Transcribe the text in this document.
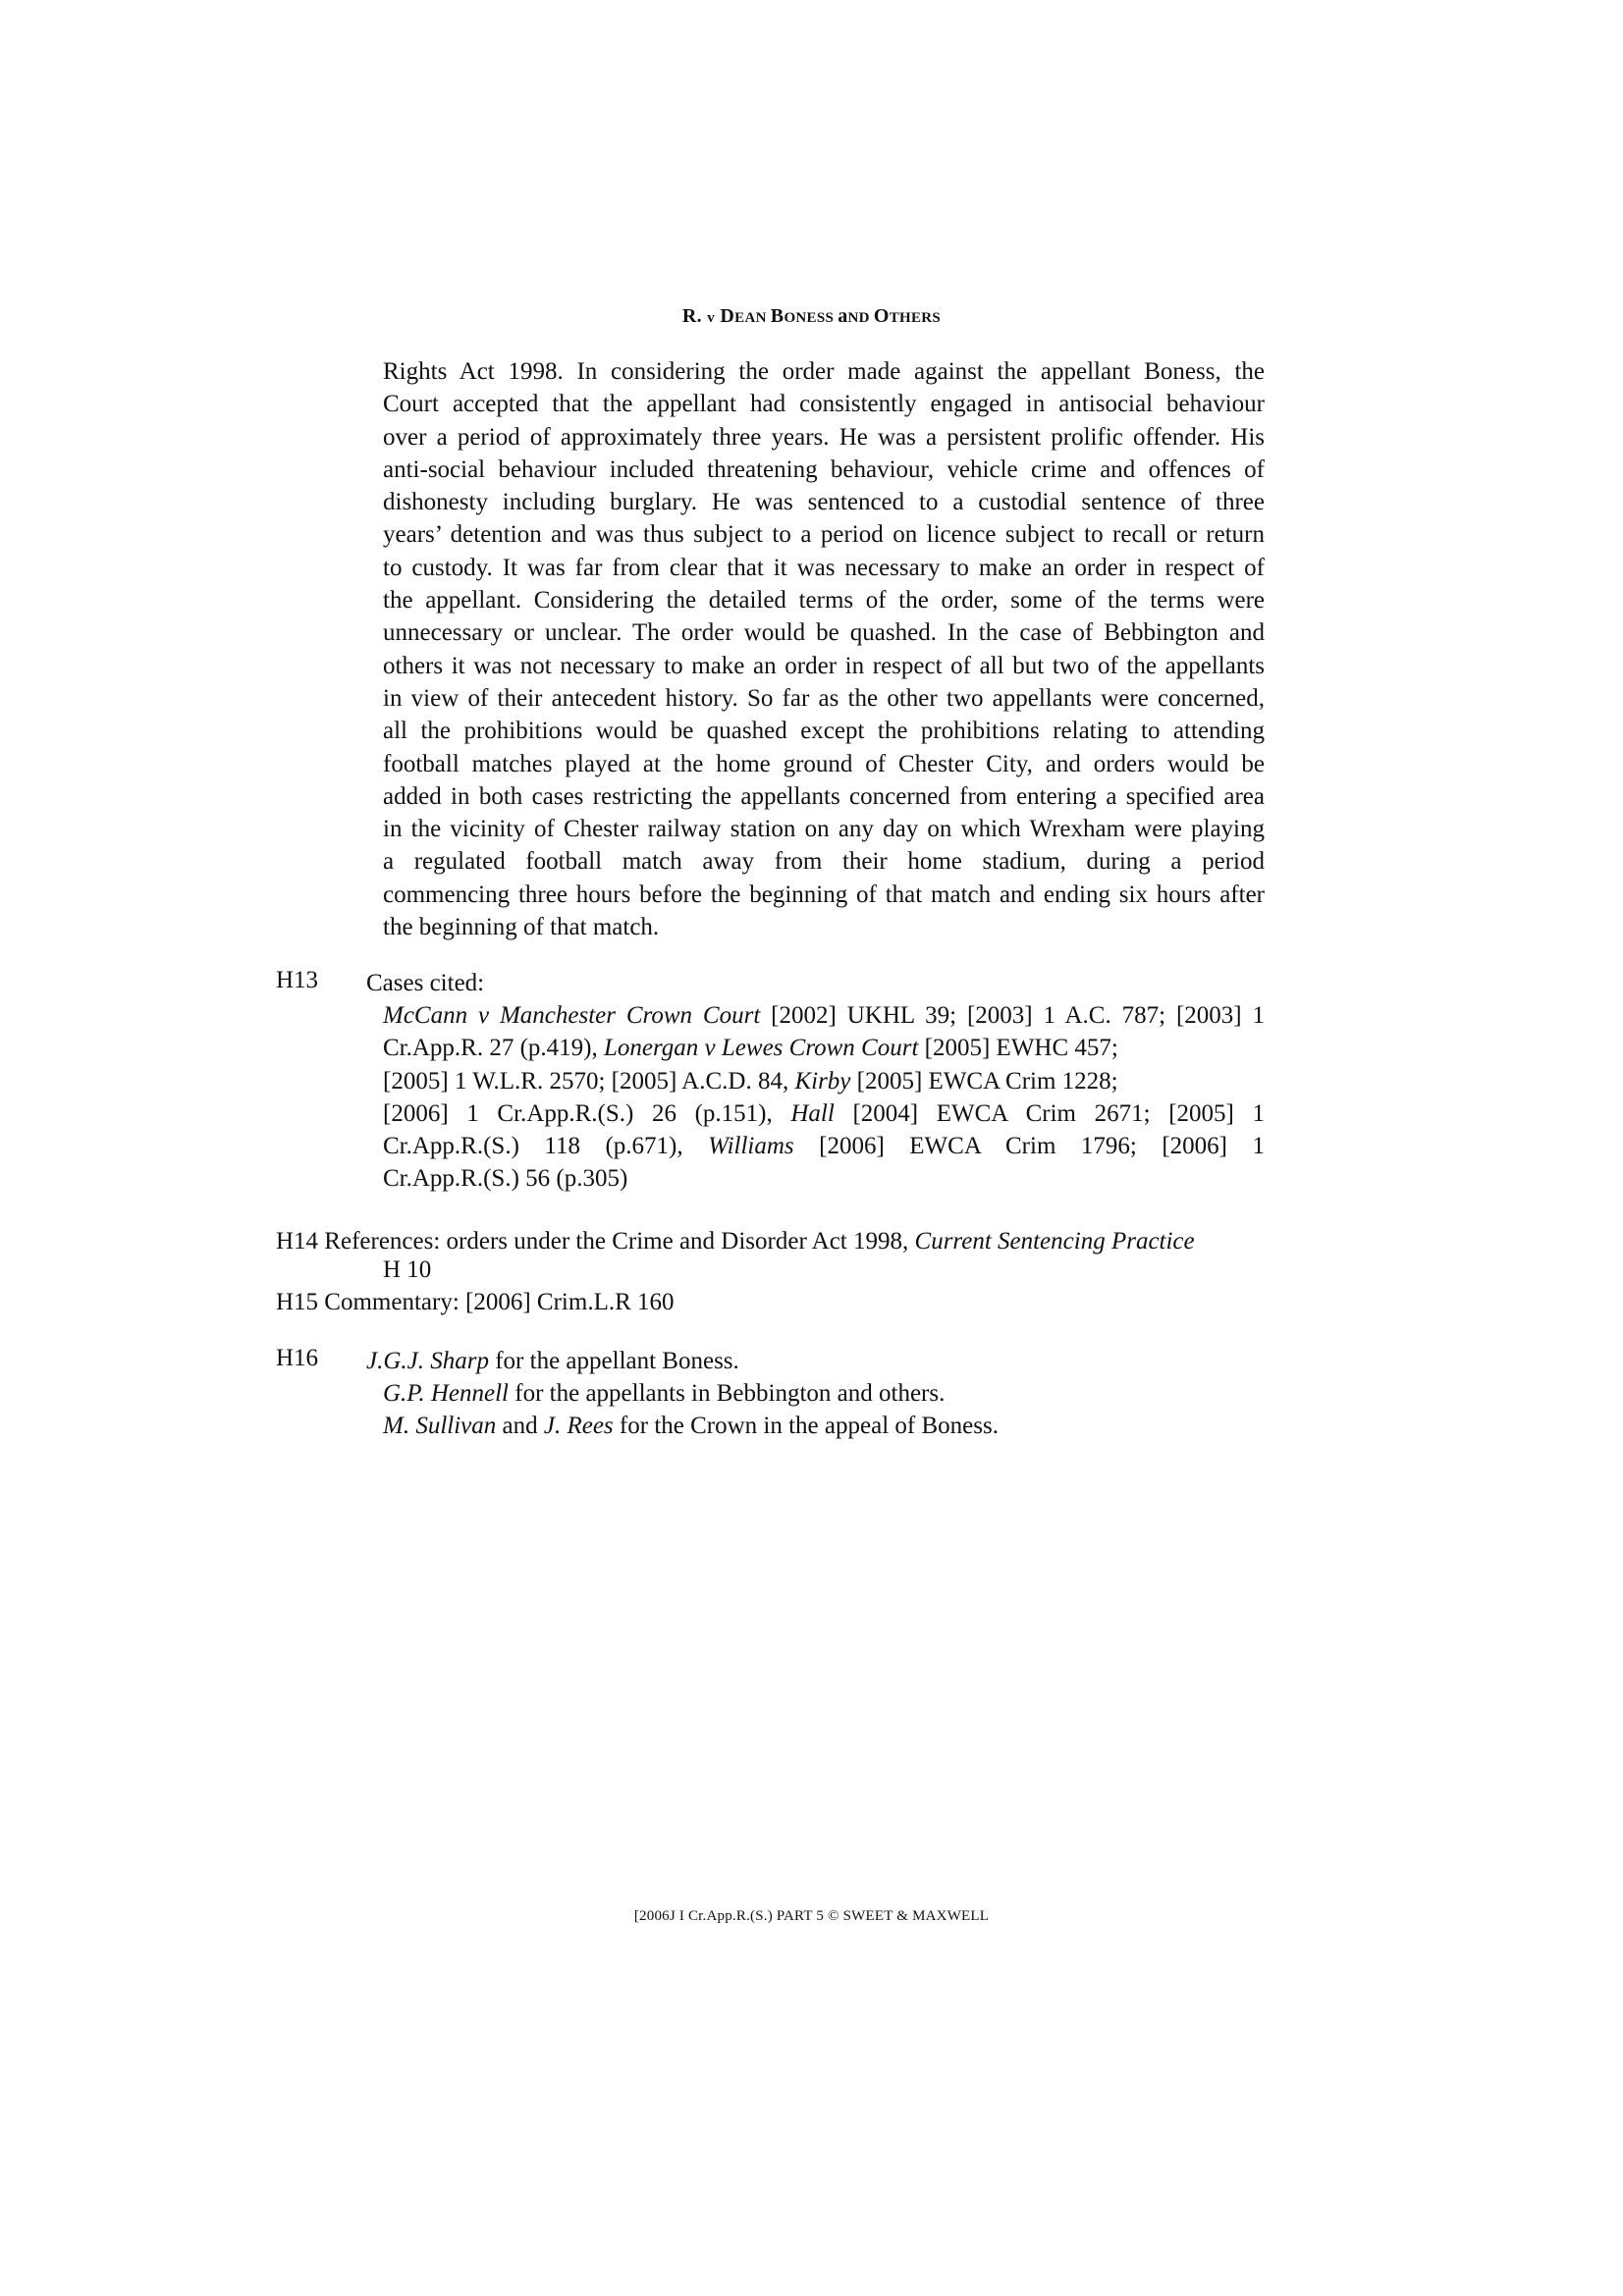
R. v DEAN BONESS aND OTHERS
Rights Act 1998. In considering the order made against the appellant Boness, the
Court accepted that the appellant had consistently engaged in antisocial behaviour
over a period of approximately three years. He was a persistent prolific offender. His
anti-social behaviour included threatening behaviour, vehicle crime and offences of
dishonesty including burglary. He was sentenced to a custodial sentence of three
years’ detention and was thus subject to a period on licence subject to recall or return
to custody. It was far from clear that it was necessary to make an order in respect of
the appellant. Considering the detailed terms of the order, some of the terms were
unnecessary or unclear. The order would be quashed. In the case of Bebbington and
others it was not necessary to make an order in respect of all but two of the appellants
in view of their antecedent history. So far as the other two appellants were concerned,
all the prohibitions would be quashed except the prohibitions relating to attending
football matches played at the home ground of Chester City, and orders would be
added in both cases restricting the appellants concerned from entering a specified area
in the vicinity of Chester railway station on any day on which Wrexham were playing
a regulated football match away from their home stadium, during a period
commencing three hours before the beginning of that match and ending six hours after
the beginning of that match.
H13 Cases cited:
McCann v Manchester Crown Court [2002] UKHL 39; [2003] 1 A.C. 787; [2003] 1
Cr.App.R. 27 (p.419), Lonergan v Lewes Crown Court [2005] EWHC 457;
[2005] 1 W.L.R. 2570; [2005] A.C.D. 84, Kirby [2005] EWCA Crim 1228;
[2006] 1 Cr.App.R.(S.) 26 (p.151), Hall [2004] EWCA Crim 2671; [2005] 1
Cr.App.R.(S.) 118 (p.671), Williams [2006] EWCA Crim 1796; [2006] 1
Cr.App.R.(S.) 56 (p.305)
H14 References: orders under the Crime and Disorder Act 1998, Current Sentencing Practice
H 10
H15 Commentary: [2006] Crim.L.R 160
H16 J.G.J. Sharp for the appellant Boness.
G.P. Hennell for the appellants in Bebbington and others.
M. Sullivan and J. Rees for the Crown in the appeal of Boness.
[2006J I Cr.App.R.(S.) PART 5 © SWEET & MAXWELL
